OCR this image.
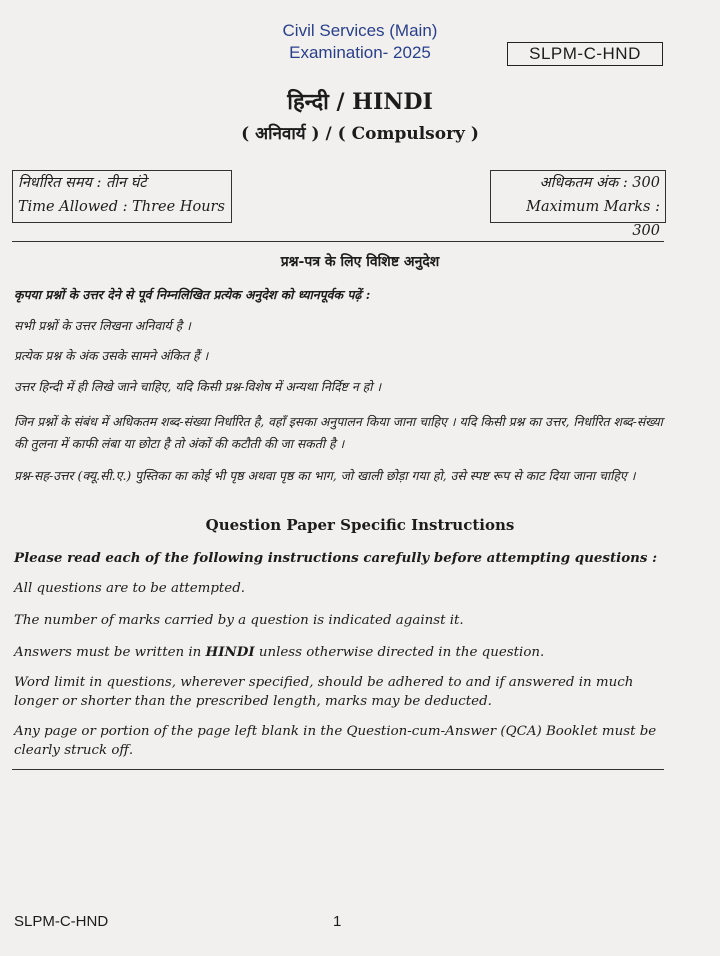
Civil Services (Main)
Examination- 2025	SLPM-C-HND
हिन्दी / HINDI
( अनिवार्य ) / ( Compulsory )
निर्धारित समय : तीन घंटे
Time Allowed : Three Hours
अधिकतम अंक : 300
Maximum Marks : 300
प्रश्न-पत्र के लिए विशिष्ट अनुदेश
कृपया प्रश्नों के उत्तर देने से पूर्व निम्नलिखित प्रत्येक अनुदेश को ध्यानपूर्वक पढ़ें :
सभी प्रश्नों के उत्तर लिखना अनिवार्य है ।
प्रत्येक प्रश्न के अंक उसके सामने अंकित हैं ।
उत्तर हिन्दी में ही लिखे जाने चाहिए, यदि किसी प्रश्न-विशेष में अन्यथा निर्दिष्ट न हो ।
जिन प्रश्नों के संबंध में अधिकतम शब्द-संख्या निर्धारित है, वहाँ इसका अनुपालन किया जाना चाहिए । यदि किसी प्रश्न का उत्तर, निर्धारित शब्द-संख्या की तुलना में काफी लंबा या छोटा है तो अंकों की कटौती की जा सकती है ।
प्रश्न-सह-उत्तर (क्यू.सी.ए.) पुस्तिका का कोई भी पृष्ठ अथवा पृष्ठ का भाग, जो खाली छोड़ा गया हो, उसे स्पष्ट रूप से काट दिया जाना चाहिए ।
Question Paper Specific Instructions
Please read each of the following instructions carefully before attempting questions :
All questions are to be attempted.
The number of marks carried by a question is indicated against it.
Answers must be written in HINDI unless otherwise directed in the question.
Word limit in questions, wherever specified, should be adhered to and if answered in much longer or shorter than the prescribed length, marks may be deducted.
Any page or portion of the page left blank in the Question-cum-Answer (QCA) Booklet must be clearly struck off.
SLPM-C-HND	1
